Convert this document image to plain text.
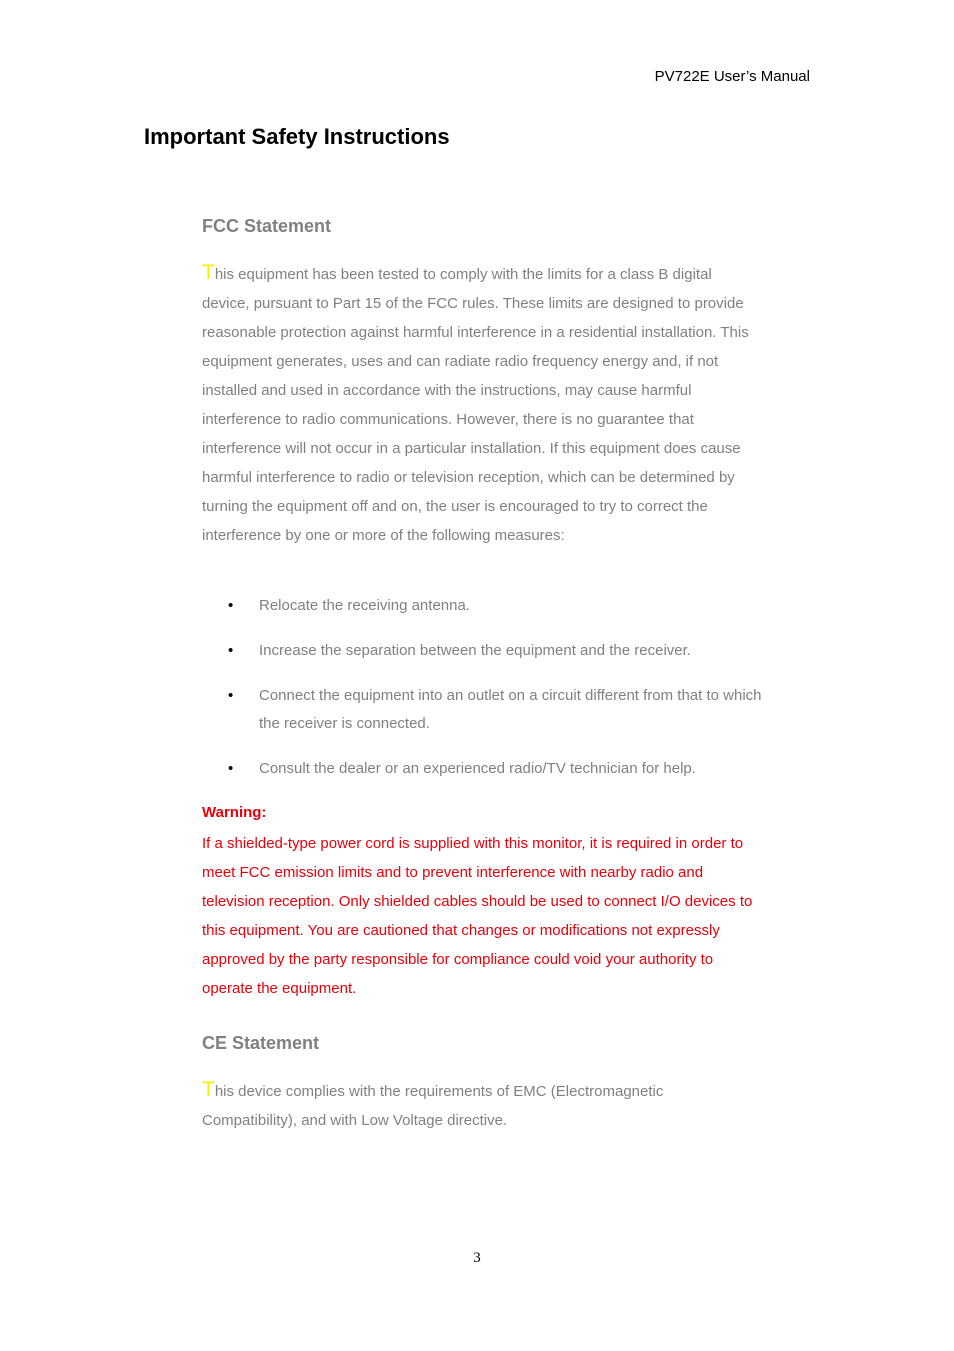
PV722E User’s Manual
Important Safety Instructions
FCC Statement

This equipment has been tested to comply with the limits for a class B digital device, pursuant to Part 15 of the FCC rules. These limits are designed to provide reasonable protection against harmful interference in a residential installation. This equipment generates, uses and can radiate radio frequency energy and, if not installed and used in accordance with the instructions, may cause harmful interference to radio communications. However, there is no guarantee that interference will not occur in a particular installation. If this equipment does cause harmful interference to radio or television reception, which can be determined by turning the equipment off and on, the user is encouraged to try to correct the interference by one or more of the following measures:

• Relocate the receiving antenna.
• Increase the separation between the equipment and the receiver.
• Connect the equipment into an outlet on a circuit different from that to which the receiver is connected.
• Consult the dealer or an experienced radio/TV technician for help.

Warning:

If a shielded-type power cord is supplied with this monitor, it is required in order to meet FCC emission limits and to prevent interference with nearby radio and television reception. Only shielded cables should be used to connect I/O devices to this equipment. You are cautioned that changes or modifications not expressly approved by the party responsible for compliance could void your authority to operate the equipment.

CE Statement

This device complies with the requirements of EMC (Electromagnetic Compatibility), and with Low Voltage directive.

3
